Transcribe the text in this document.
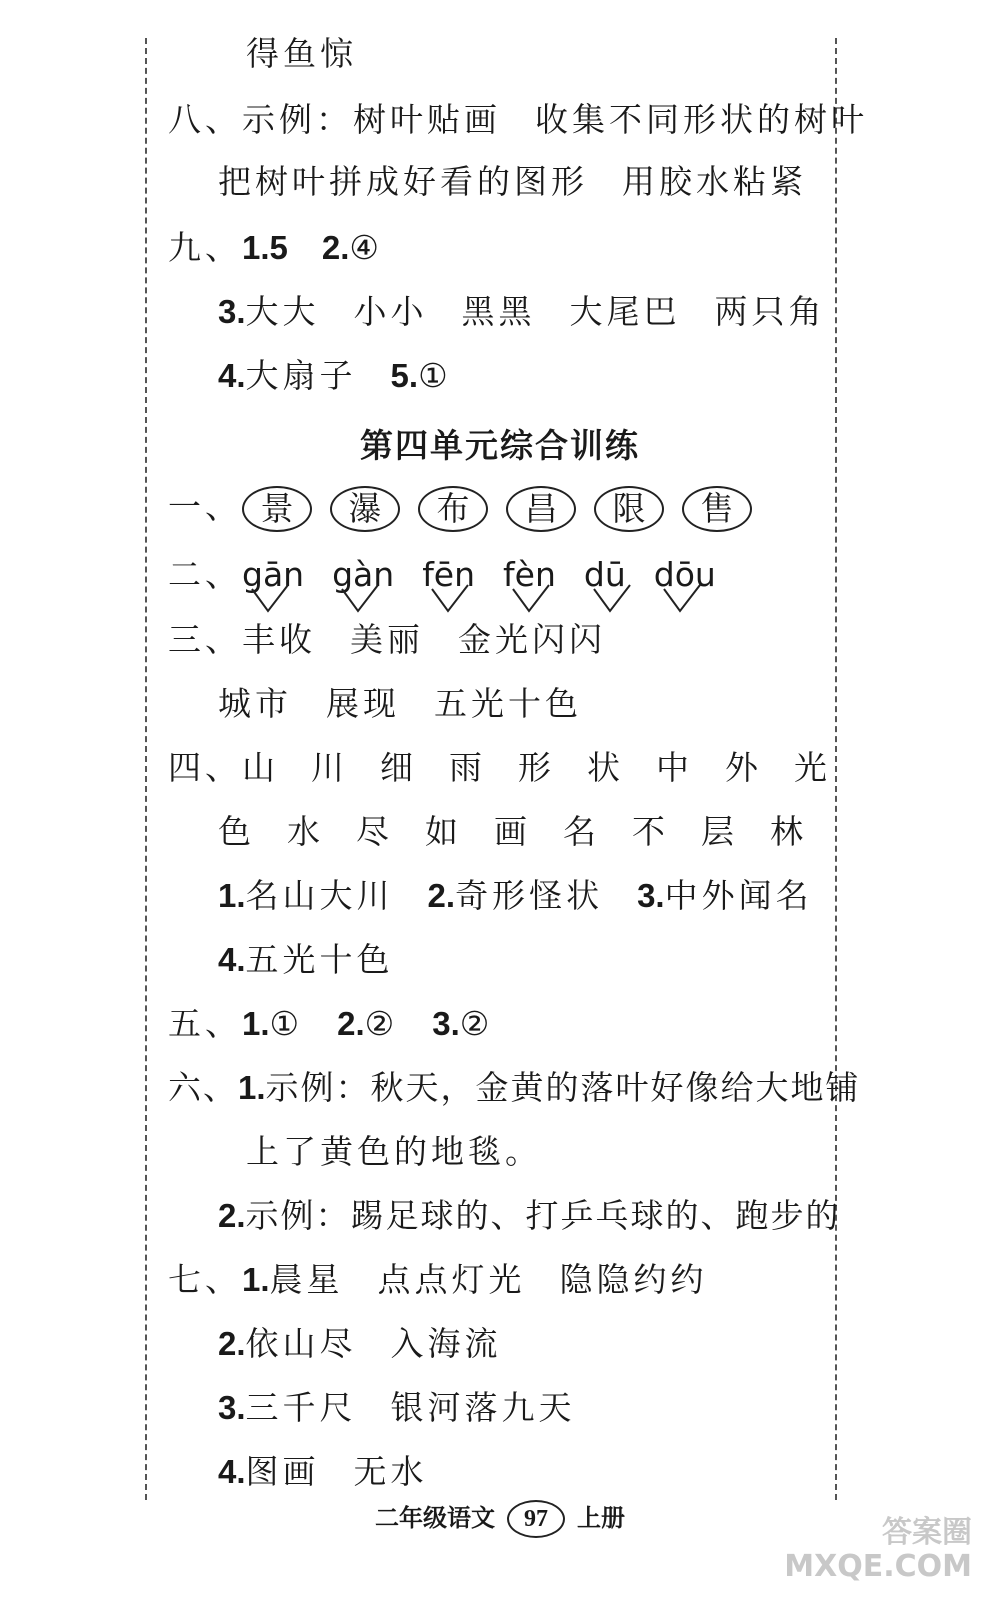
得鱼惊
八、示例：树叶贴画 收集不同形状的树叶
把树叶拼成好看的图形 用胶水粘紧
九、1.5 2.④
3.大大 小小 黑黑 大尾巴 两只角
4.大扇子 5.①
第四单元综合训练
一、 景 瀑 布 昌 限 售
二、gān gàn fēn fèn dū dōu
三、丰收 美丽 金光闪闪
城市 展现 五光十色
四、山 川 细 雨 形 状 中 外 光
色 水 尽 如 画 名 不 层 林
1.名山大川 2.奇形怪状 3.中外闻名
4.五光十色
五、1.① 2.② 3.②
六、1.示例：秋天，金黄的落叶好像给大地铺
上了黄色的地毯。
2.示例：踢足球的、打乒乓球的、跑步的
七、1.晨星 点点灯光 隐隐约约
2.依山尽 入海流
3.三千尺 银河落九天
4.图画 无水
二年级语文 97 上册	答案圈
MXQE.COM
